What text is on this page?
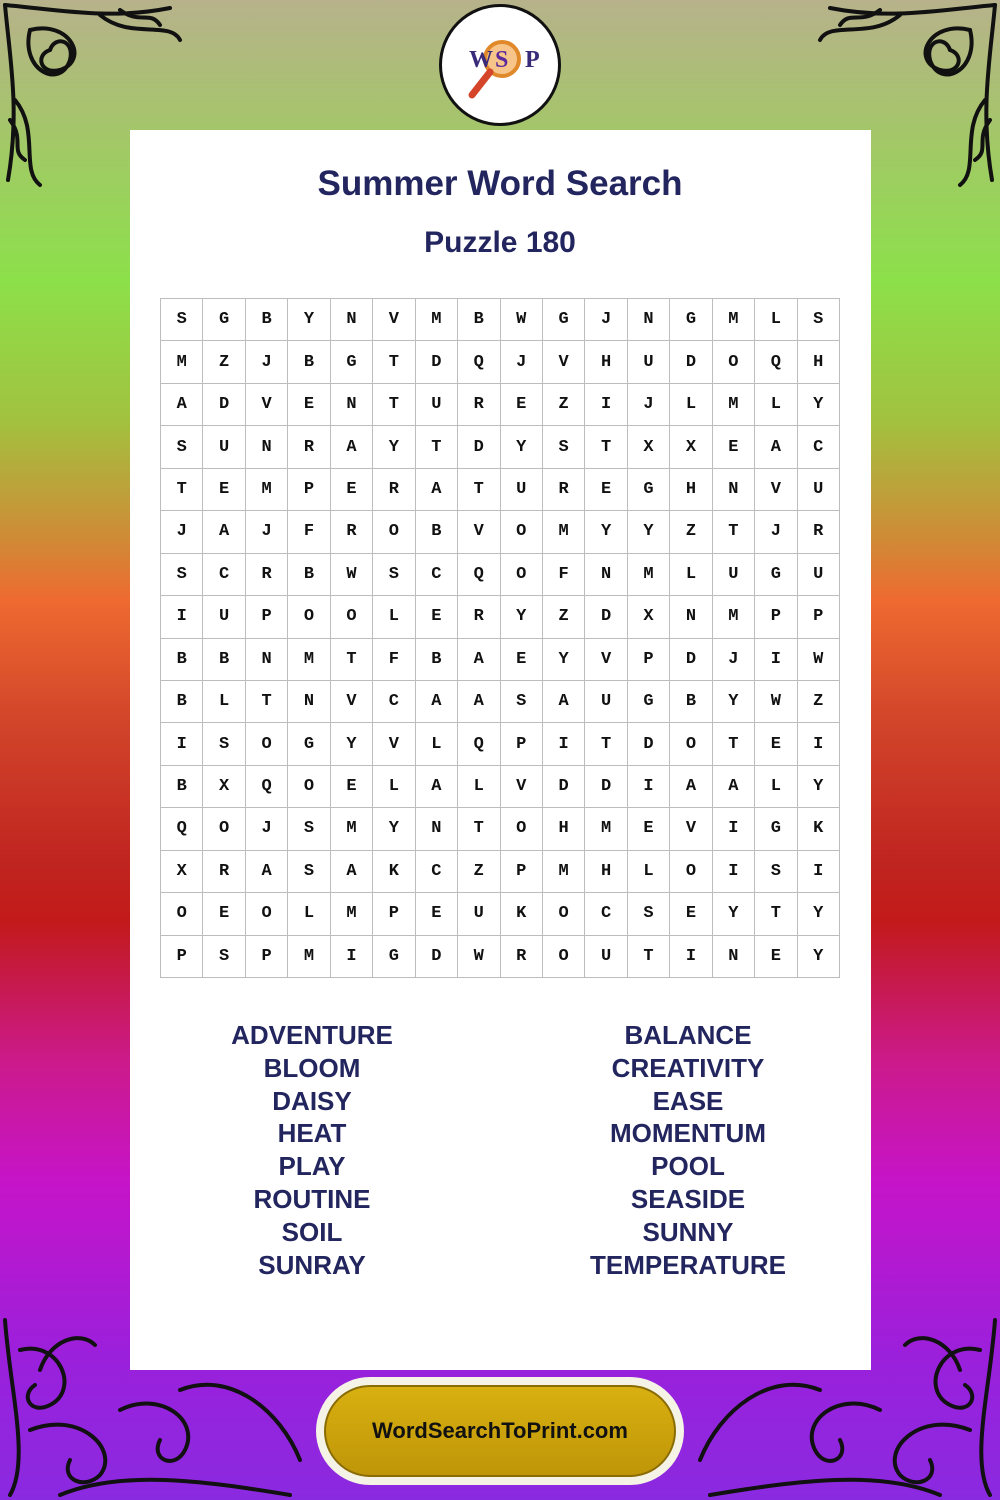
W S P
Summer Word Search
Puzzle 180
S	G	B	Y	N	V	M	B	W	G	J	N	G	M	L	S
M	Z	J	B	G	T	D	Q	J	V	H	U	D	O	Q	H
A	D	V	E	N	T	U	R	E	Z	I	J	L	M	L	Y
S	U	N	R	A	Y	T	D	Y	S	T	X	X	E	A	C
T	E	M	P	E	R	A	T	U	R	E	G	H	N	V	U
J	A	J	F	R	O	B	V	O	M	Y	Y	Z	T	J	R
S	C	R	B	W	S	C	Q	O	F	N	M	L	U	G	U
I	U	P	O	O	L	E	R	Y	Z	D	X	N	M	P	P
B	B	N	M	T	F	B	A	E	Y	V	P	D	J	I	W
B	L	T	N	V	C	A	A	S	A	U	G	B	Y	W	Z
I	S	O	G	Y	V	L	Q	P	I	T	D	O	T	E	I
B	X	Q	O	E	L	A	L	V	D	D	I	A	A	L	Y
Q	O	J	S	M	Y	N	T	O	H	M	E	V	I	G	K
X	R	A	S	A	K	C	Z	P	M	H	L	O	I	S	I
O	E	O	L	M	P	E	U	K	O	C	S	E	Y	T	Y
P	S	P	M	I	G	D	W	R	O	U	T	I	N	E	Y
ADVENTURE
BLOOM
DAISY
HEAT
PLAY
ROUTINE
SOIL
SUNRAY
BALANCE
CREATIVITY
EASE
MOMENTUM
POOL
SEASIDE
SUNNY
TEMPERATURE
WordSearchToPrint.com
